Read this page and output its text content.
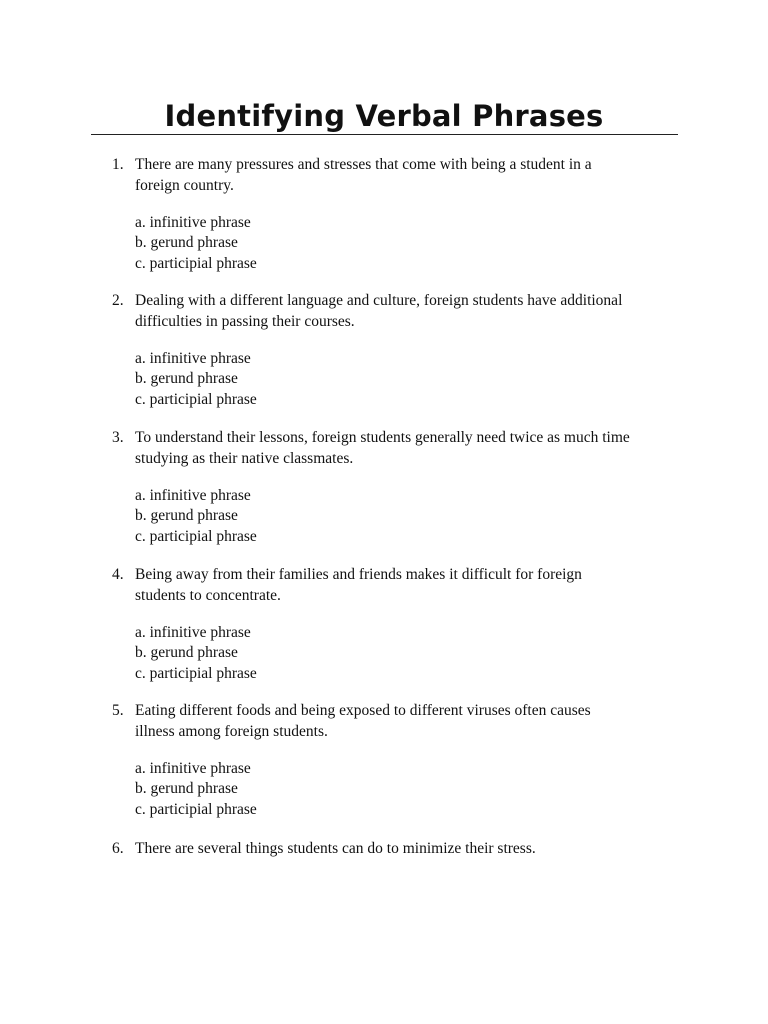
Identifying Verbal Phrases
1. There are many pressures and stresses that come with being a student in a
foreign country.
a. infinitive phrase
b. gerund phrase
c. participial phrase
2. Dealing with a different language and culture, foreign students have additional
difficulties in passing their courses.
a. infinitive phrase
b. gerund phrase
c. participial phrase
3. To understand their lessons, foreign students generally need twice as much time
studying as their native classmates.
a. infinitive phrase
b. gerund phrase
c. participial phrase
4. Being away from their families and friends makes it difficult for foreign
students to concentrate.
a. infinitive phrase
b. gerund phrase
c. participial phrase
5. Eating different foods and being exposed to different viruses often causes
illness among foreign students.
a. infinitive phrase
b. gerund phrase
c. participial phrase
6. There are several things students can do to minimize their stress.
